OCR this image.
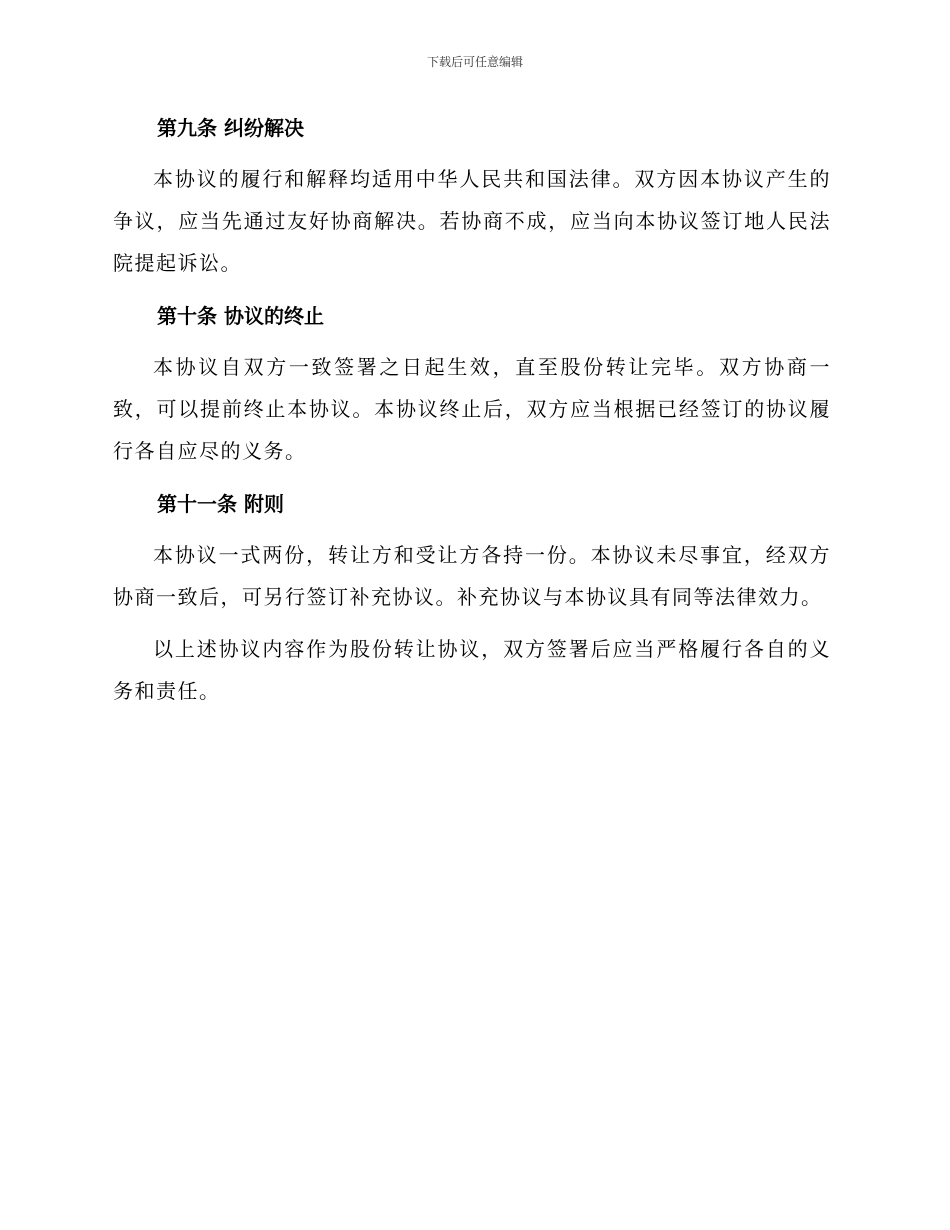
下载后可任意编辑
第九条 纠纷解决

本协议的履行和解释均适用中华人民共和国法律。双方因本协议产生的争议，应当先通过友好协商解决。若协商不成，应当向本协议签订地人民法院提起诉讼。

第十条 协议的终止

本协议自双方一致签署之日起生效，直至股份转让完毕。双方协商一致，可以提前终止本协议。本协议终止后，双方应当根据已经签订的协议履行各自应尽的义务。

第十一条 附则

本协议一式两份，转让方和受让方各持一份。本协议未尽事宜，经双方协商一致后，可另行签订补充协议。补充协议与本协议具有同等法律效力。

以上述协议内容作为股份转让协议，双方签署后应当严格履行各自的义务和责任。
